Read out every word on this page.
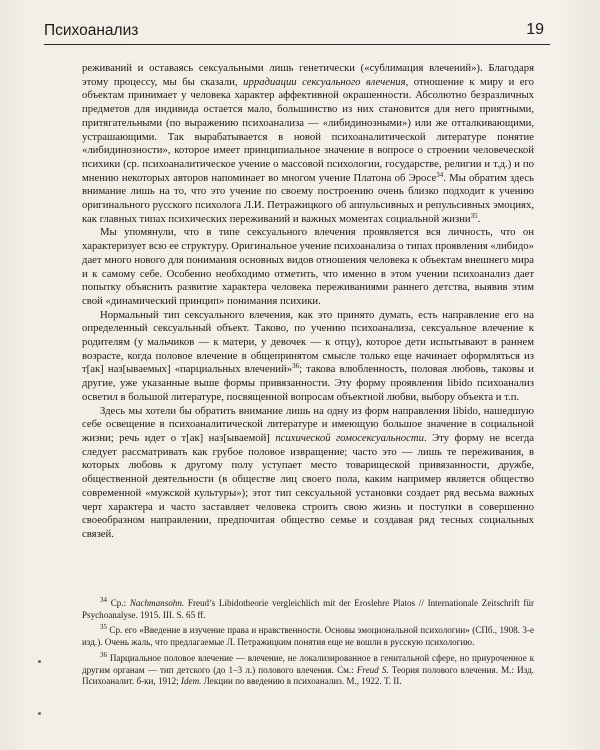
Психоанализ	19

реживаний и оставаясь сексуальными лишь генетически («сублимация влечений»). Благодаря этому процессу, мы бы сказали, иррадиации сексуального влечения, отношение к миру и его объектам принимает у человека характер аффективной окрашенности. Абсолютно безразличных предметов для индивида остается мало, большинство из них становится для него приятными, притягательными (по выражению психоанализа — «либидинозными») или же отталкивающими, устрашающими. Так вырабатывается в новой психоаналитической литературе понятие «либидинозности», которое имеет принципиальное значение в вопросе о строении человеческой психики (ср. психоаналитическое учение о массовой психологии, государстве, религии и т.д.) и по мнению некоторых авторов напоминает во многом учение Платона об Эросе$^{34}$. Мы обратим здесь внимание лишь на то, что это учение по своему построению очень близко подходит к учению оригинального русского психолога Л.И. Петражицкого об аппульсивных и репульсивных эмоциях, как главных типах психических переживаний и важных моментах социальной жизни$^{35}$.

Мы упомянули, что в типе сексуального влечения проявляется вся личность, что он характеризует всю ее структуру. Оригинальное учение психоанализа о типах проявления «либидо» дает много нового для понимания основных видов отношения человека к объектам внешнего мира и к самому себе. Особенно необходимо отметить, что именно в этом учении психоанализ дает попытку объяснить развитие характера человека переживаниями раннего детства, выявив этим свой «динамический принцип» понимания психики.

Нормальный тип сексуального влечения, как это принято думать, есть направление его на определенный сексуальный объект. Таково, по учению психоанализа, сексуальное влечение к родителям (у мальчиков — к матери, у девочек — к отцу), которое дети испытывают в раннем возрасте, когда половое влечение в общепринятом смысле только еще начинает оформляться из т[ак] наз[ываемых] «парциальных влечений»$^{36}$; такова влюбленность, половая любовь, таковы и другие, уже указанные выше формы привязанности. Эту форму проявления libido психоанализ осветил в большой литературе, посвященной вопросам объектной любви, выбору объекта и т.п.

Здесь мы хотели бы обратить внимание лишь на одну из форм направления libido, нашедшую себе освещение в психоаналитической литературе и имеющую большое значение в социальной жизни; речь идет о т[ак] наз[ываемой] психической гомосексуальности. Эту форму не всегда следует рассматривать как грубое половое извращение; часто это — лишь те переживания, в которых любовь к другому полу уступает место товарищеской привязанности, дружбе, общественной деятельности (в обществе лиц своего пола, каким например является общество современной «мужской культуры»); этот тип сексуальной установки создает ряд весьма важных черт характера и часто заставляет человека строить свою жизнь и поступки в совершенно своеобразном направлении, предпочитая общество семье и создавая ряд тесных социальных связей.

$^{34}$ Ср.: Nachmansohn. Freud’s Libidotheorie vergleichlich mit der Eroslehre Platos // Internationale Zeitschrift für Psychoanalyse. 1915. III. S. 65 ff.

$^{35}$ Ср. его «Введение в изучение права и нравственности. Основы эмоциональной психологии» (СПб., 1908. 3-е изд.). Очень жаль, что предлагаемые Л. Петражицким понятия еще не вошли в русскую психологию.

$^{36}$ Парциальное половое влечение — влечение, не локализированное в генитальной сфере, но приуроченное к другим органам — тип детского (до 1–3 л.) полового влечения. См.: Freud S. Теория полового влечения. М.: Изд. Психоаналит. б-ки, 1912; Idem. Лекции по введению в психоанализ. М., 1922. Т. II.
